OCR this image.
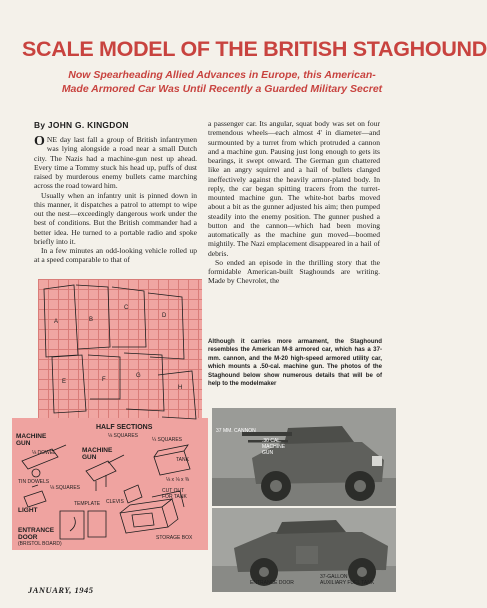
SCALE MODEL OF THE BRITISH STAGHOUND
Now Spearheading Allied Advances in Europe, this American-
Made Armored Car Was Until Recently a Guarded Military Secret
By JOHN G. KINGDON

ONE day last fall a group of British infantrymen was lying alongside a road near a small Dutch city. The Nazis had a machine-gun nest up ahead. Every time a Tommy stuck his head up, puffs of dust raised by murderous enemy bullets came marching across the road toward him.

Usually when an infantry unit is pinned down in this manner, it dispatches a patrol to attempt to wipe out the nest—exceedingly dangerous work under the best of conditions. But the British commander had a better idea. He turned to a portable radio and spoke briefly into it.

In a few minutes an odd-looking vehicle rolled up at a speed comparable to that of

a passenger car. Its angular, squat body was set on four tremendous wheels—each almost 4' in diameter—and surmounted by a turret from which protruded a cannon and a machine gun. Pausing just long enough to gets its bearings, it swept onward. The German gun chattered like an angry squirrel and a hail of bullets clanged ineffectively against the heavily armor-plated body. In reply, the car began spitting tracers from the turret-mounted machine gun. The white-hot barbs moved about a bit as the gunner adjusted his aim; then pumped steadily into the enemy position. The gunner pushed a button and the cannon—which had been moving automatically as the machine gun moved—boomed mightily. The Nazi emplacement disappeared in a hail of debris.

So ended an episode in the thrilling story that the formidable American-built Staghounds are writing. Made by Chevrolet, the

Although it carries more armament, the Staghound resembles the American M-8 armored car, which has a 37-mm. cannon, and the M-20 high-speed armored utility car, which mounts a .50-cal. machine gun. The photos of the Staghound below show numerous details that will be of help to the modelmaker
A	B
C
D
E	F
G
H
HALF SECTIONS
⅛ SQUARES
MACHINE GUN
⅛ DOWEL
TIN DOWELS
MACHINE GUN
¼ SQUARES
TANK
⅛ x ⅛ x ⅜
⅛ SQUARES
LIGHT
CLEVIS
CUT OUT FOR TANK
TEMPLATE
ENTRANCE DOOR
(BRISTOL BOARD)
STORAGE BOX
37 MM. CANNON
.30 CAL.
MACHINE
GUN
ENTRANCE DOOR
37-GALLON
AUXILIARY FUEL TANK
JANUARY, 1945
